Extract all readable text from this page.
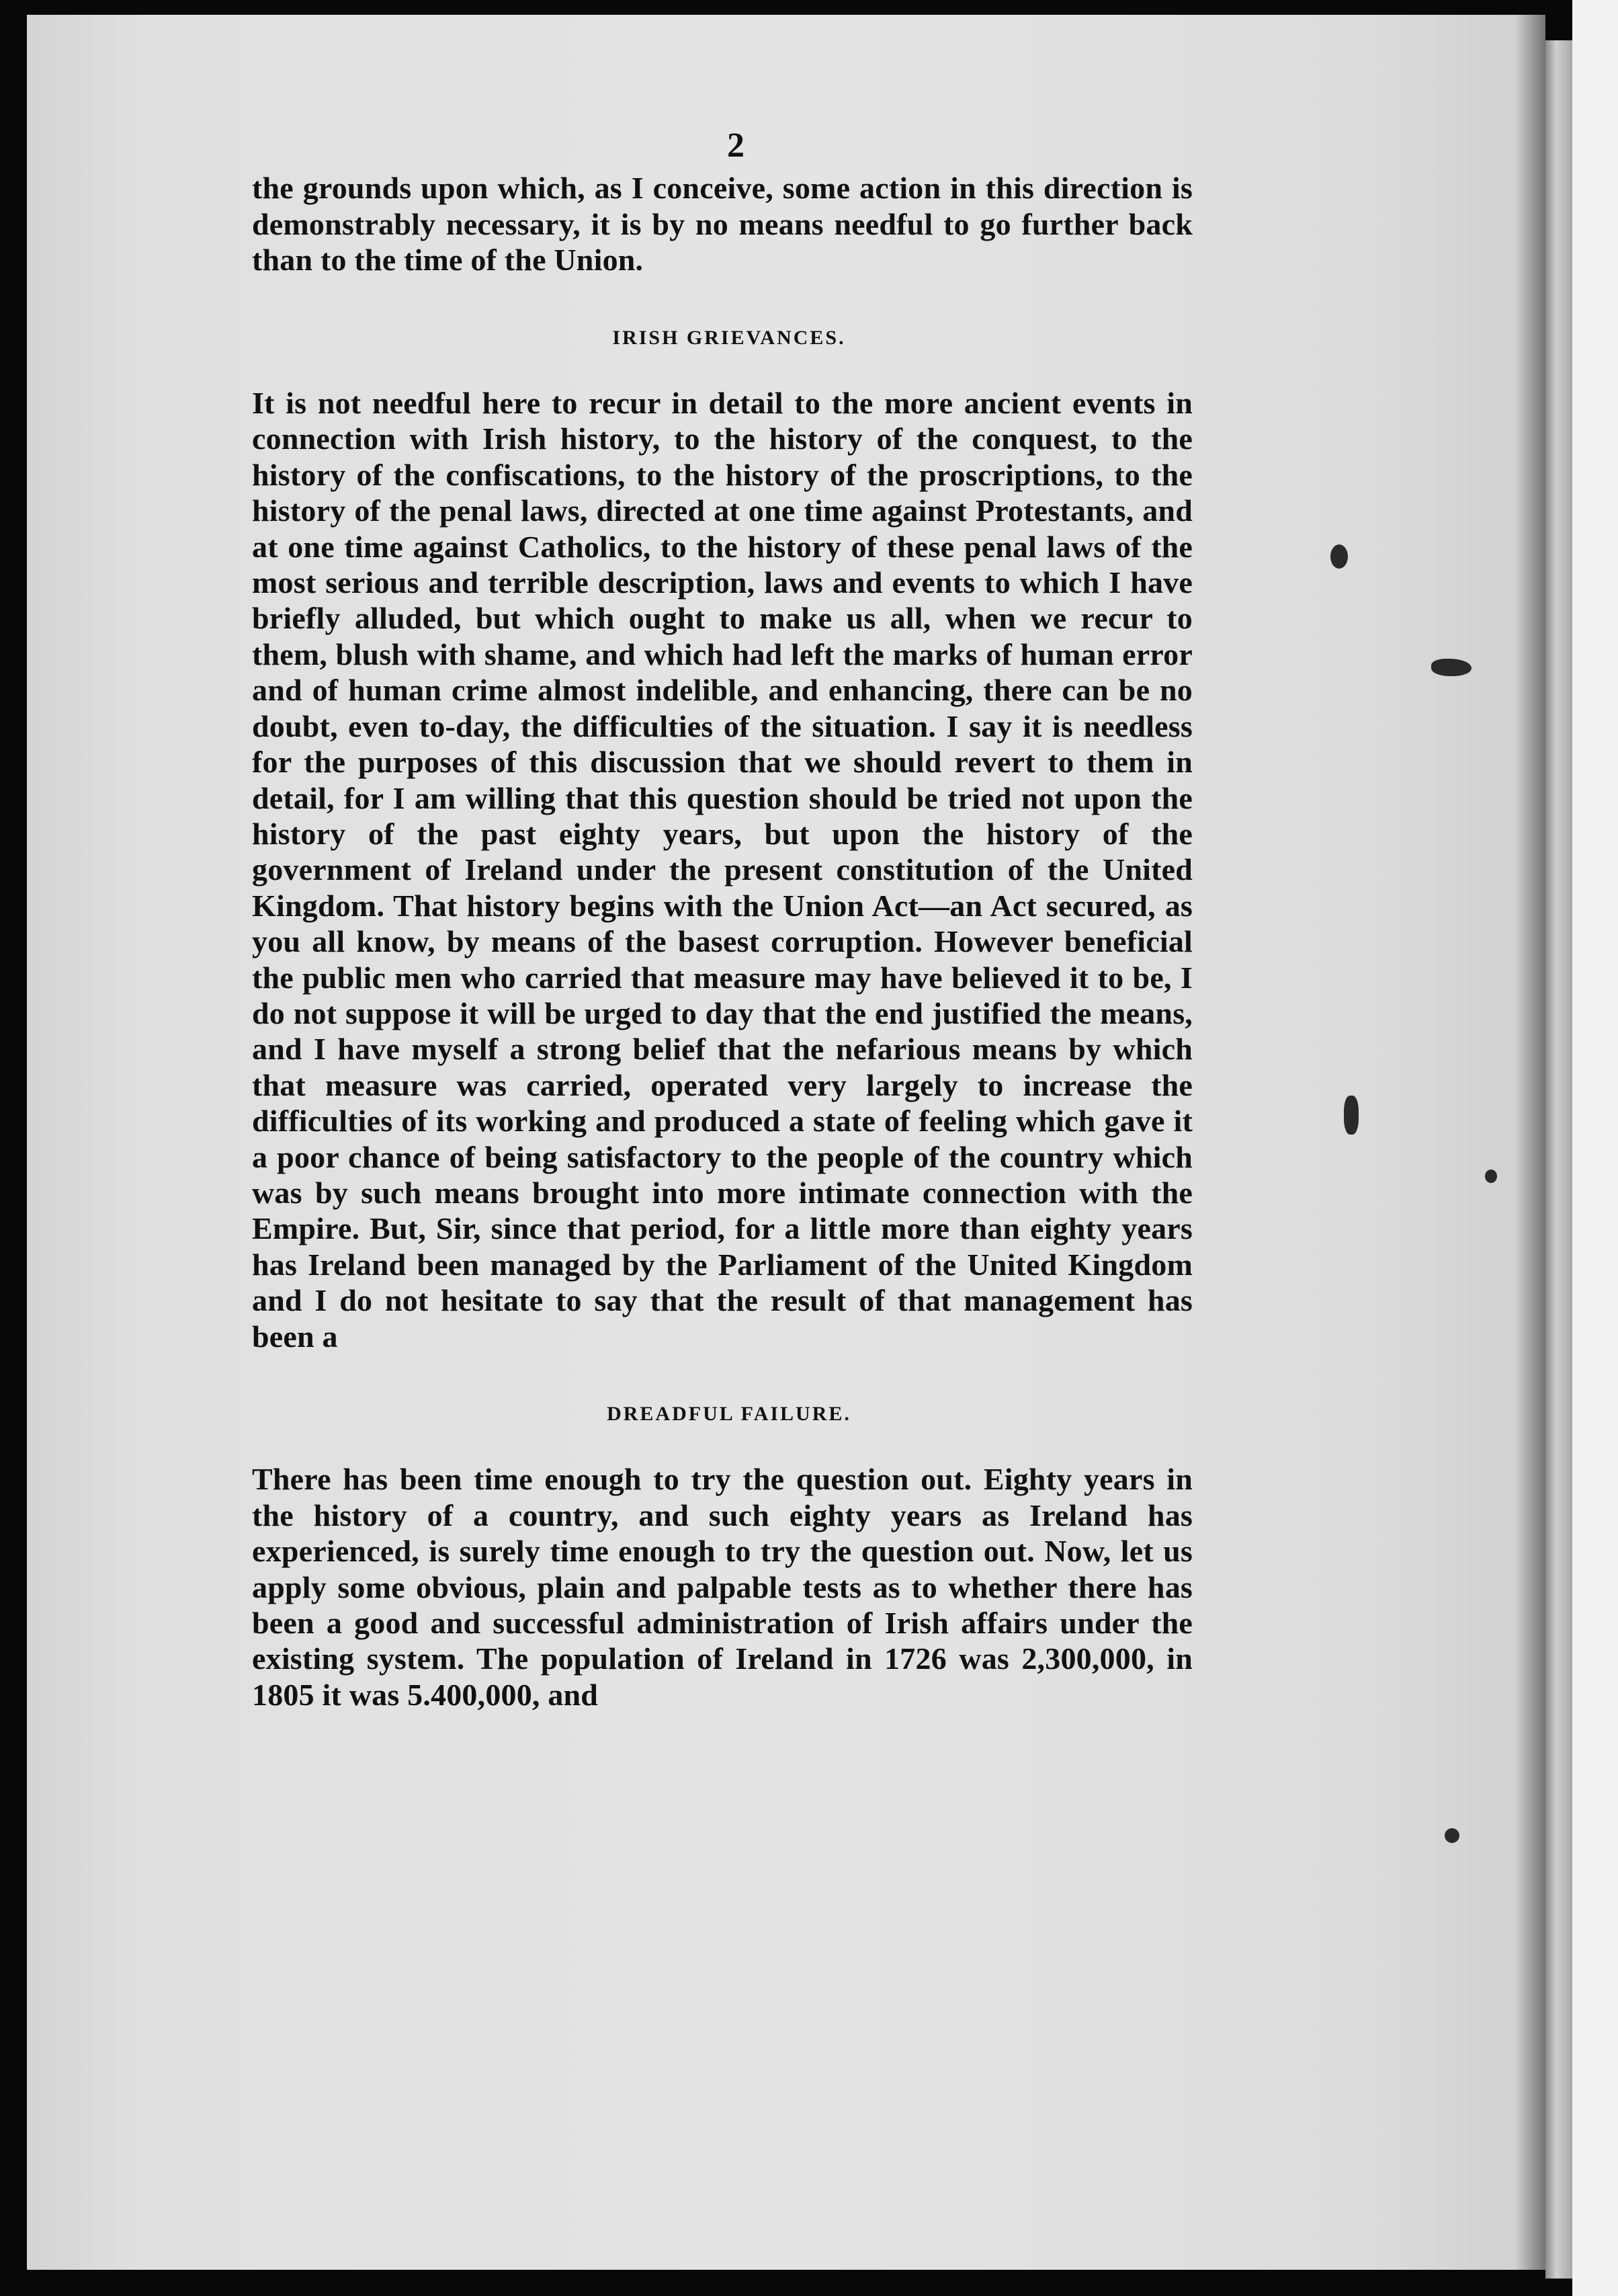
2

the grounds upon which, as I conceive, some action in this direction is demonstrably necessary, it is by no means needful to go further back than to the time of the Union.

IRISH GRIEVANCES.

It is not needful here to recur in detail to the more ancient events in connection with Irish history, to the history of the conquest, to the history of the confiscations, to the history of the proscriptions, to the history of the penal laws, directed at one time against Protestants, and at one time against Catholics, to the history of these penal laws of the most serious and terrible description, laws and events to which I have briefly alluded, but which ought to make us all, when we recur to them, blush with shame, and which had left the marks of human error and of human crime almost indelible, and enhancing, there can be no doubt, even to-day, the difficulties of the situation. I say it is needless for the purposes of this discussion that we should revert to them in detail, for I am willing that this question should be tried not upon the history of the past eighty years, but upon the history of the government of Ireland under the present constitution of the United Kingdom. That history begins with the Union Act—an Act secured, as you all know, by means of the basest corruption. However beneficial the public men who carried that measure may have believed it to be, I do not suppose it will be urged to day that the end justified the means, and I have myself a strong belief that the nefarious means by which that measure was carried, operated very largely to increase the difficulties of its working and produced a state of feeling which gave it a poor chance of being satisfactory to the people of the country which was by such means brought into more intimate connection with the Empire. But, Sir, since that period, for a little more than eighty years has Ireland been managed by the Parliament of the United Kingdom and I do not hesitate to say that the result of that management has been a

DREADFUL FAILURE.

There has been time enough to try the question out. Eighty years in the history of a country, and such eighty years as Ireland has experienced, is surely time enough to try the question out. Now, let us apply some obvious, plain and palpable tests as to whether there has been a good and successful administration of Irish affairs under the existing system. The population of Ireland in 1726 was 2,300,000, in 1805 it was 5.400,000, and
